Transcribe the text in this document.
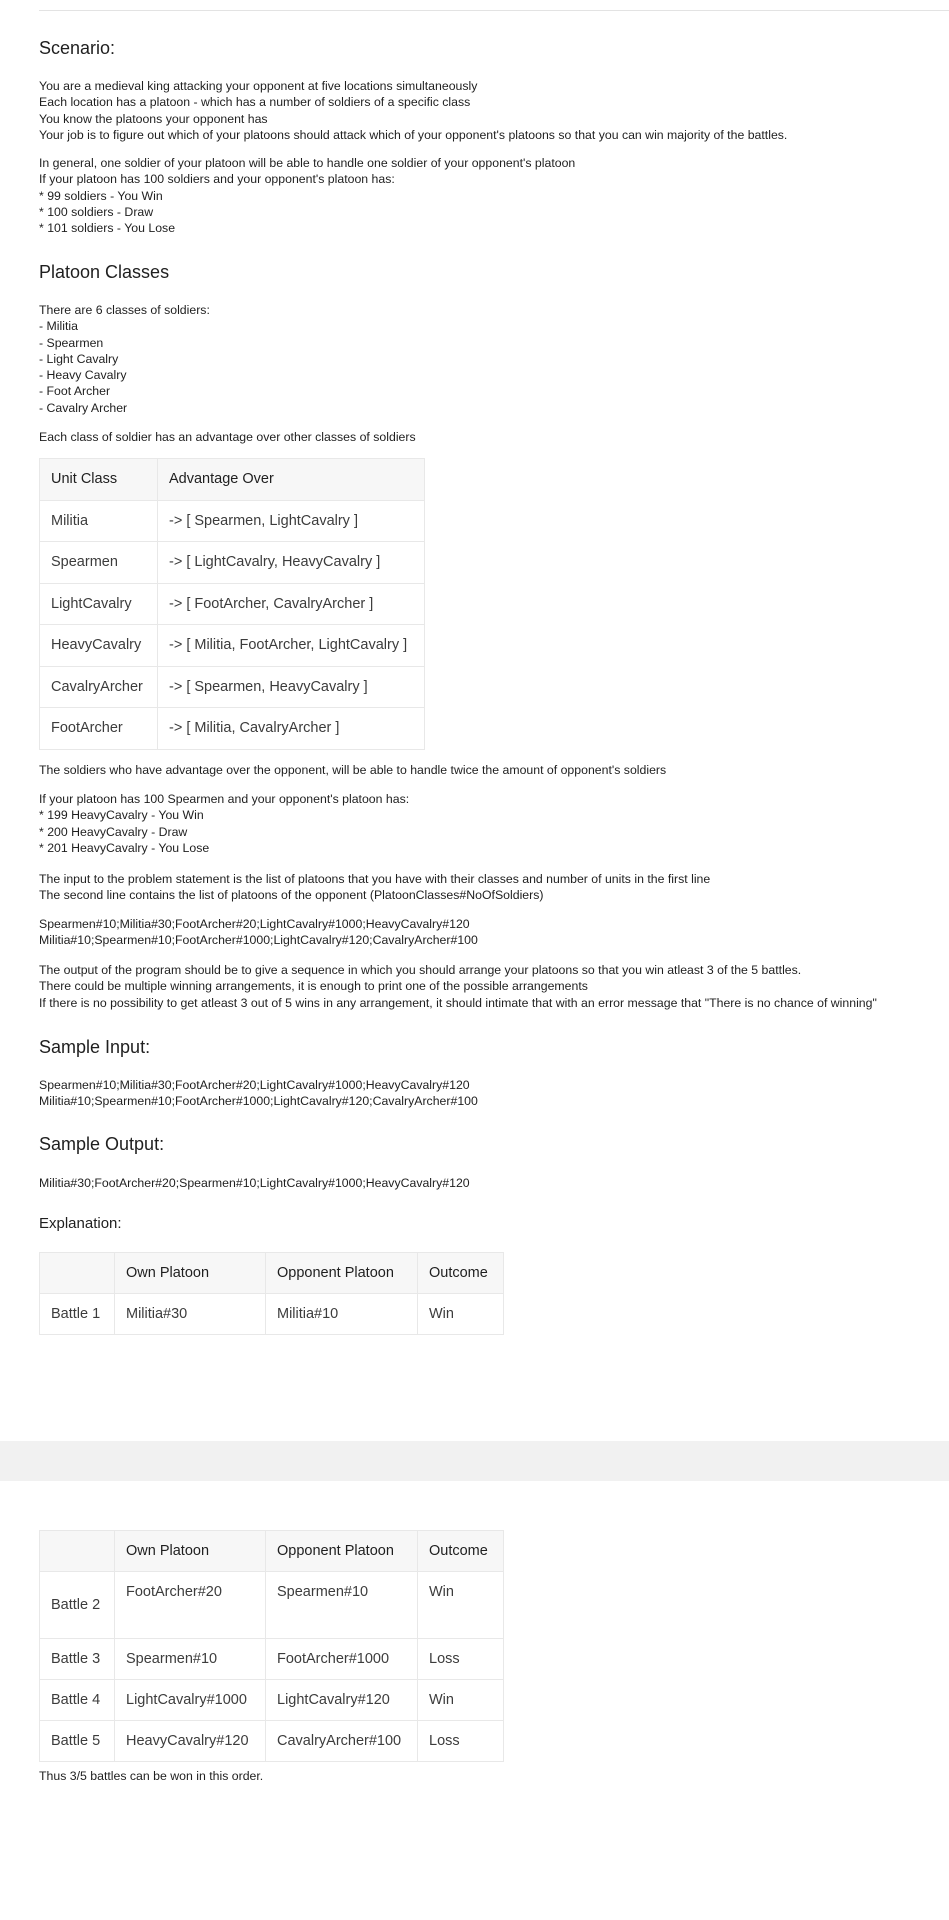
Scenario:
You are a medieval king attacking your opponent at five locations simultaneously
Each location has a platoon - which has a number of soldiers of a specific class
You know the platoons your opponent has
Your job is to figure out which of your platoons should attack which of your opponent's platoons so that you can win majority of the battles.
In general, one soldier of your platoon will be able to handle one soldier of your opponent's platoon
If your platoon has 100 soldiers and your opponent's platoon has:
* 99 soldiers - You Win
* 100 soldiers - Draw
* 101 soldiers - You Lose
Platoon Classes
There are 6 classes of soldiers:
- Militia
- Spearmen
- Light Cavalry
- Heavy Cavalry
- Foot Archer
- Cavalry Archer
Each class of soldier has an advantage over other classes of soldiers
Unit Class	Advantage Over
Militia	-> [ Spearmen, LightCavalry ]
Spearmen	-> [ LightCavalry, HeavyCavalry ]
LightCavalry	-> [ FootArcher, CavalryArcher ]
HeavyCavalry	-> [ Militia, FootArcher, LightCavalry ]
CavalryArcher	-> [ Spearmen, HeavyCavalry ]
FootArcher	-> [ Militia, CavalryArcher ]
The soldiers who have advantage over the opponent, will be able to handle twice the amount of opponent's soldiers
If your platoon has 100 Spearmen and your opponent's platoon has:
* 199 HeavyCavalry - You Win
* 200 HeavyCavalry - Draw
* 201 HeavyCavalry - You Lose
The input to the problem statement is the list of platoons that you have with their classes and number of units in the first line
The second line contains the list of platoons of the opponent (PlatoonClasses#NoOfSoldiers)
Spearmen#10;Militia#30;FootArcher#20;LightCavalry#1000;HeavyCavalry#120
Militia#10;Spearmen#10;FootArcher#1000;LightCavalry#120;CavalryArcher#100
The output of the program should be to give a sequence in which you should arrange your platoons so that you win atleast 3 of the 5 battles.
There could be multiple winning arrangements, it is enough to print one of the possible arrangements
If there is no possibility to get atleast 3 out of 5 wins in any arrangement, it should intimate that with an error message that "There is no chance of winning"
Sample Input:
Spearmen#10;Militia#30;FootArcher#20;LightCavalry#1000;HeavyCavalry#120
Militia#10;Spearmen#10;FootArcher#1000;LightCavalry#120;CavalryArcher#100
Sample Output:
Militia#30;FootArcher#20;Spearmen#10;LightCavalry#1000;HeavyCavalry#120
Explanation:
	Own Platoon	Opponent Platoon	Outcome
Battle 1	Militia#30	Militia#10	Win
	Own Platoon	Opponent Platoon	Outcome
Battle 2	FootArcher#20	Spearmen#10	Win
Battle 3	Spearmen#10	FootArcher#1000	Loss
Battle 4	LightCavalry#1000	LightCavalry#120	Win
Battle 5	HeavyCavalry#120	CavalryArcher#100	Loss
Thus 3/5 battles can be won in this order.
